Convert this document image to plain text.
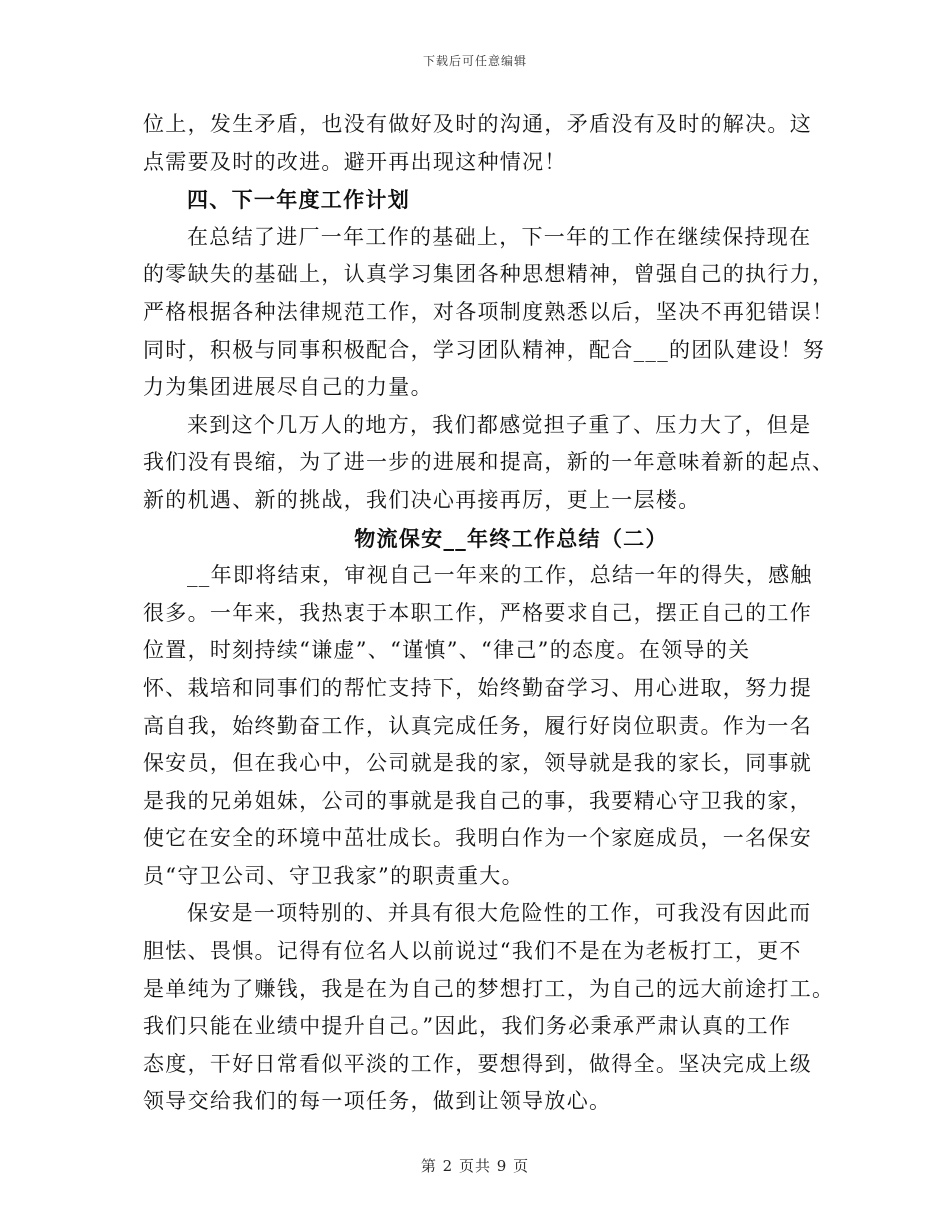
下载后可任意编辑
位上，发生矛盾，也没有做好及时的沟通，矛盾没有及时的解决。这
点需要及时的改进。避开再出现这种情况！
四、下一年度工作计划
在总结了进厂一年工作的基础上，下一年的工作在继续保持现在
的零缺失的基础上，认真学习集团各种思想精神，曾强自己的执行力，
严格根据各种法律规范工作，对各项制度熟悉以后，坚决不再犯错误！
同时，积极与同事积极配合，学习团队精神，配合___的团队建设！努
力为集团进展尽自己的力量。
来到这个几万人的地方，我们都感觉担子重了、压力大了，但是
我们没有畏缩，为了进一步的进展和提高，新的一年意味着新的起点、
新的机遇、新的挑战，我们决心再接再厉，更上一层楼。
物流保安__年终工作总结（二）
__年即将结束，审视自己一年来的工作，总结一年的得失，感触
很多。一年来，我热衷于本职工作，严格要求自己，摆正自己的工作
位置，时刻持续“谦虚”、“谨慎”、“律己”的态度。在领导的关
怀、栽培和同事们的帮忙支持下，始终勤奋学习、用心进取，努力提
高自我，始终勤奋工作，认真完成任务，履行好岗位职责。作为一名
保安员，但在我心中，公司就是我的家，领导就是我的家长，同事就
是我的兄弟姐妹，公司的事就是我自己的事，我要精心守卫我的家，
使它在安全的环境中茁壮成长。我明白作为一个家庭成员，一名保安
员“守卫公司、守卫我家”的职责重大。
保安是一项特别的、并具有很大危险性的工作，可我没有因此而
胆怯、畏惧。记得有位名人以前说过“我们不是在为老板打工，更不
是单纯为了赚钱，我是在为自己的梦想打工，为自己的远大前途打工。
我们只能在业绩中提升自己。”因此，我们务必秉承严肃认真的工作
态度，干好日常看似平淡的工作，要想得到，做得全。坚决完成上级
领导交给我们的每一项任务，做到让领导放心。
第 2 页共 9 页
